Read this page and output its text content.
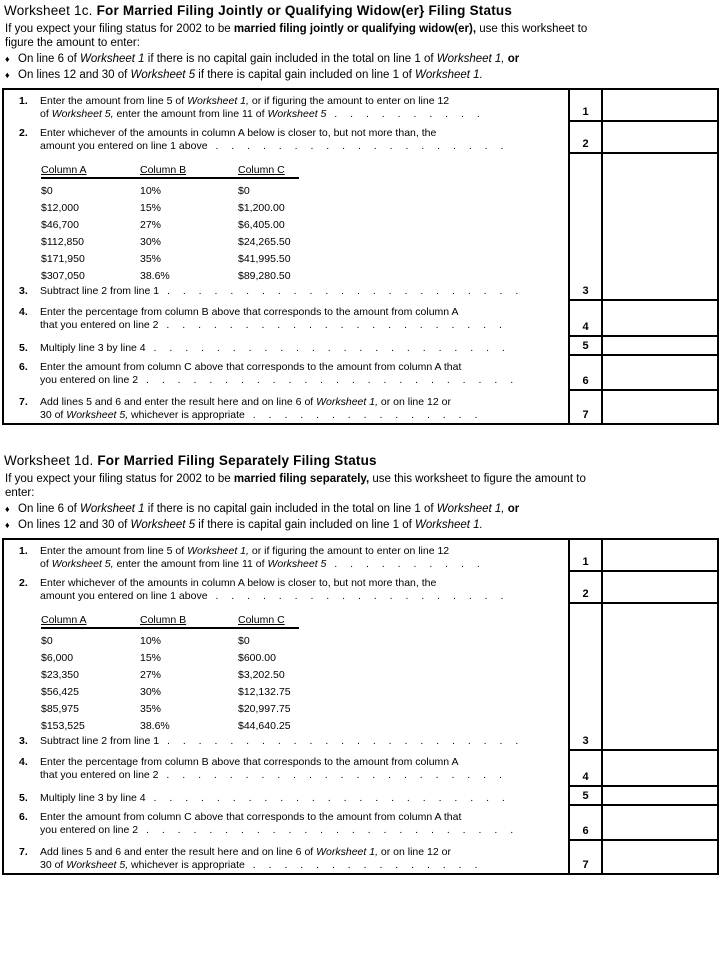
Worksheet 1c. For Married Filing Jointly or Qualifying Widow(er} Filing Status

If you expect your filing status for 2002 to be married filing jointly or qualifying widow(er), use this worksheet to
figure the amount to enter:

♦ On line 6 of Worksheet 1 if there is no capital gain included in the total on line 1 of Worksheet 1, or
♦ On lines 12 and 30 of Worksheet 5 if there is capital gain included on line 1 of Worksheet 1.
1.	Enter the amount from line 5 of Worksheet 1, or if figuring the amount to enter on line 12
of Worksheet 5, enter the amount from line 11 of Worksheet 5 . . . . . . . . . .	1
2.	Enter whichever of the amounts in column A below is closer to, but not more than, the
amount you entered on line 1 above . . . . . . . . . . . . . . . . . . .	2
Column A	Column B	Column C
$0	10%	$0
$12,000	15%	$1,200.00
$46,700	27%	$6,405.00
$112,850	30%	$24,265.50
$171,950	35%	$41,995.50
$307,050	38.6%	$89,280.50
3.	Subtract line 2 from line 1 . . . . . . . . . . . . . . . . . . . . . . .	3
4.	Enter the percentage from column B above that corresponds to the amount from column A
that you entered on line 2 . . . . . . . . . . . . . . . . . . . . . .	4
5.	Multiply line 3 by line 4 . . . . . . . . . . . . . . . . . . . . . . .	5
6.	Enter the amount from column C above that corresponds to the amount from column A that
you entered on line 2 . . . . . . . . . . . . . . . . . . . . . . . .	6
7.	Add lines 5 and 6 and enter the result here and on line 6 of Worksheet 1, or on line 12 or
30 of Worksheet 5, whichever is appropriate . . . . . . . . . . . . . . .	7
Worksheet 1d. For Married Filing Separately Filing Status

If you expect your filing status for 2002 to be married filing separately, use this worksheet to figure the amount to
enter:

♦ On line 6 of Worksheet 1 if there is no capital gain included in the total on line 1 of Worksheet 1, or
♦ On lines 12 and 30 of Worksheet 5 if there is capital gain included on line 1 of Worksheet 1.
1.	Enter the amount from line 5 of Worksheet 1, or if figuring the amount to enter on line 12
of Worksheet 5, enter the amount from line 11 of Worksheet 5 . . . . . . . . . .	1
2.	Enter whichever of the amounts in column A below is closer to, but not more than, the
amount you entered on line 1 above . . . . . . . . . . . . . . . . . . .	2
Column A	Column B	Column C
$0	10%	$0
$6,000	15%	$600.00
$23,350	27%	$3,202.50
$56,425	30%	$12,132.75
$85,975	35%	$20,997.75
$153,525	38.6%	$44,640.25
3.	Subtract line 2 from line 1 . . . . . . . . . . . . . . . . . . . . . . .	3
4.	Enter the percentage from column B above that corresponds to the amount from column A
that you entered on line 2 . . . . . . . . . . . . . . . . . . . . . .	4
5.	Multiply line 3 by line 4 . . . . . . . . . . . . . . . . . . . . . . .	5
6.	Enter the amount from column C above that corresponds to the amount from column A that
you entered on line 2 . . . . . . . . . . . . . . . . . . . . . . . .	6
7.	Add lines 5 and 6 and enter the result here and on line 6 of Worksheet 1, or on line 12 or
30 of Worksheet 5, whichever is appropriate . . . . . . . . . . . . . . .	7
